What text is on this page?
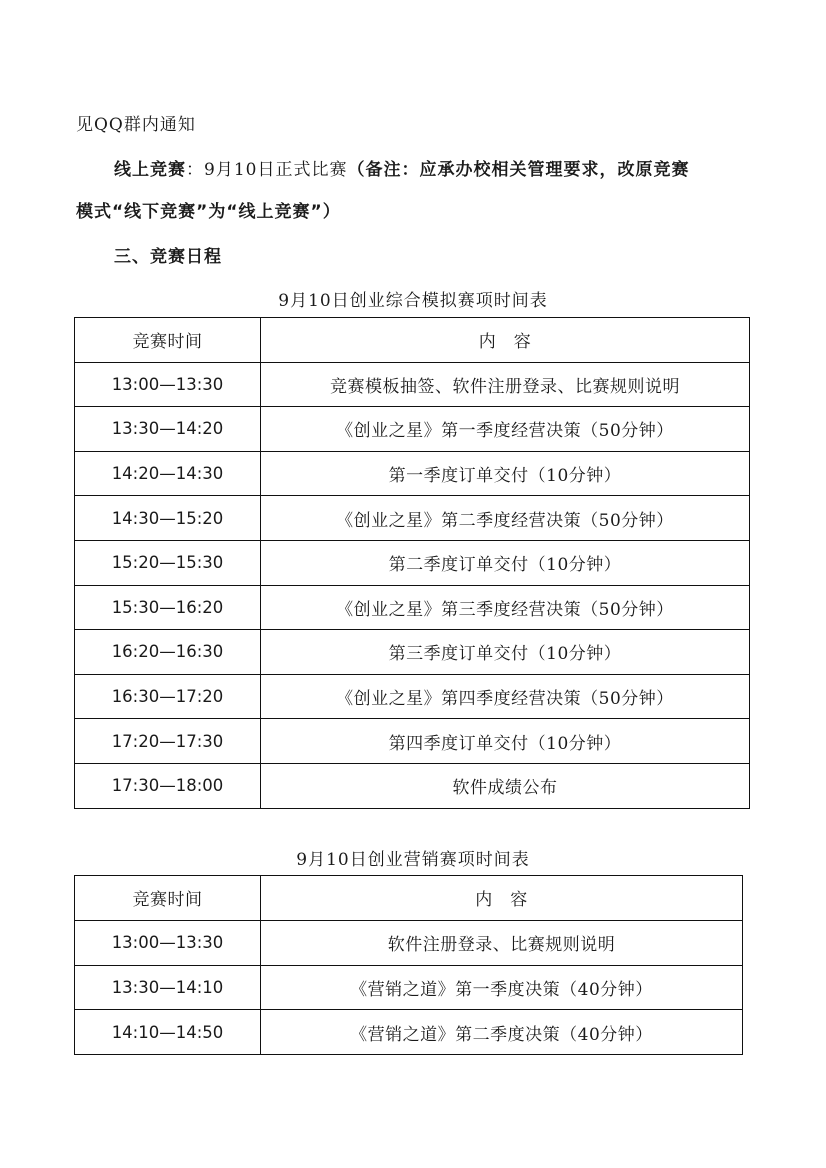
见QQ群内通知
线上竞赛：9月10日正式比赛（备注：应承办校相关管理要求，改原竞赛
模式“线下竞赛”为“线上竞赛”）
三、竞赛日程
9月10日创业综合模拟赛项时间表
竞赛时间	内　容
13:00—13:30	竞赛模板抽签、软件注册登录、比赛规则说明
13:30—14:20	《创业之星》第一季度经营决策（50分钟）
14:20—14:30	第一季度订单交付（10分钟）
14:30—15:20	《创业之星》第二季度经营决策（50分钟）
15:20—15:30	第二季度订单交付（10分钟）
15:30—16:20	《创业之星》第三季度经营决策（50分钟）
16:20—16:30	第三季度订单交付（10分钟）
16:30—17:20	《创业之星》第四季度经营决策（50分钟）
17:20—17:30	第四季度订单交付（10分钟）
17:30—18:00	软件成绩公布
9月10日创业营销赛项时间表
竞赛时间	内　容
13:00—13:30	软件注册登录、比赛规则说明
13:30—14:10	《营销之道》第一季度决策（40分钟）
14:10—14:50	《营销之道》第二季度决策（40分钟）
